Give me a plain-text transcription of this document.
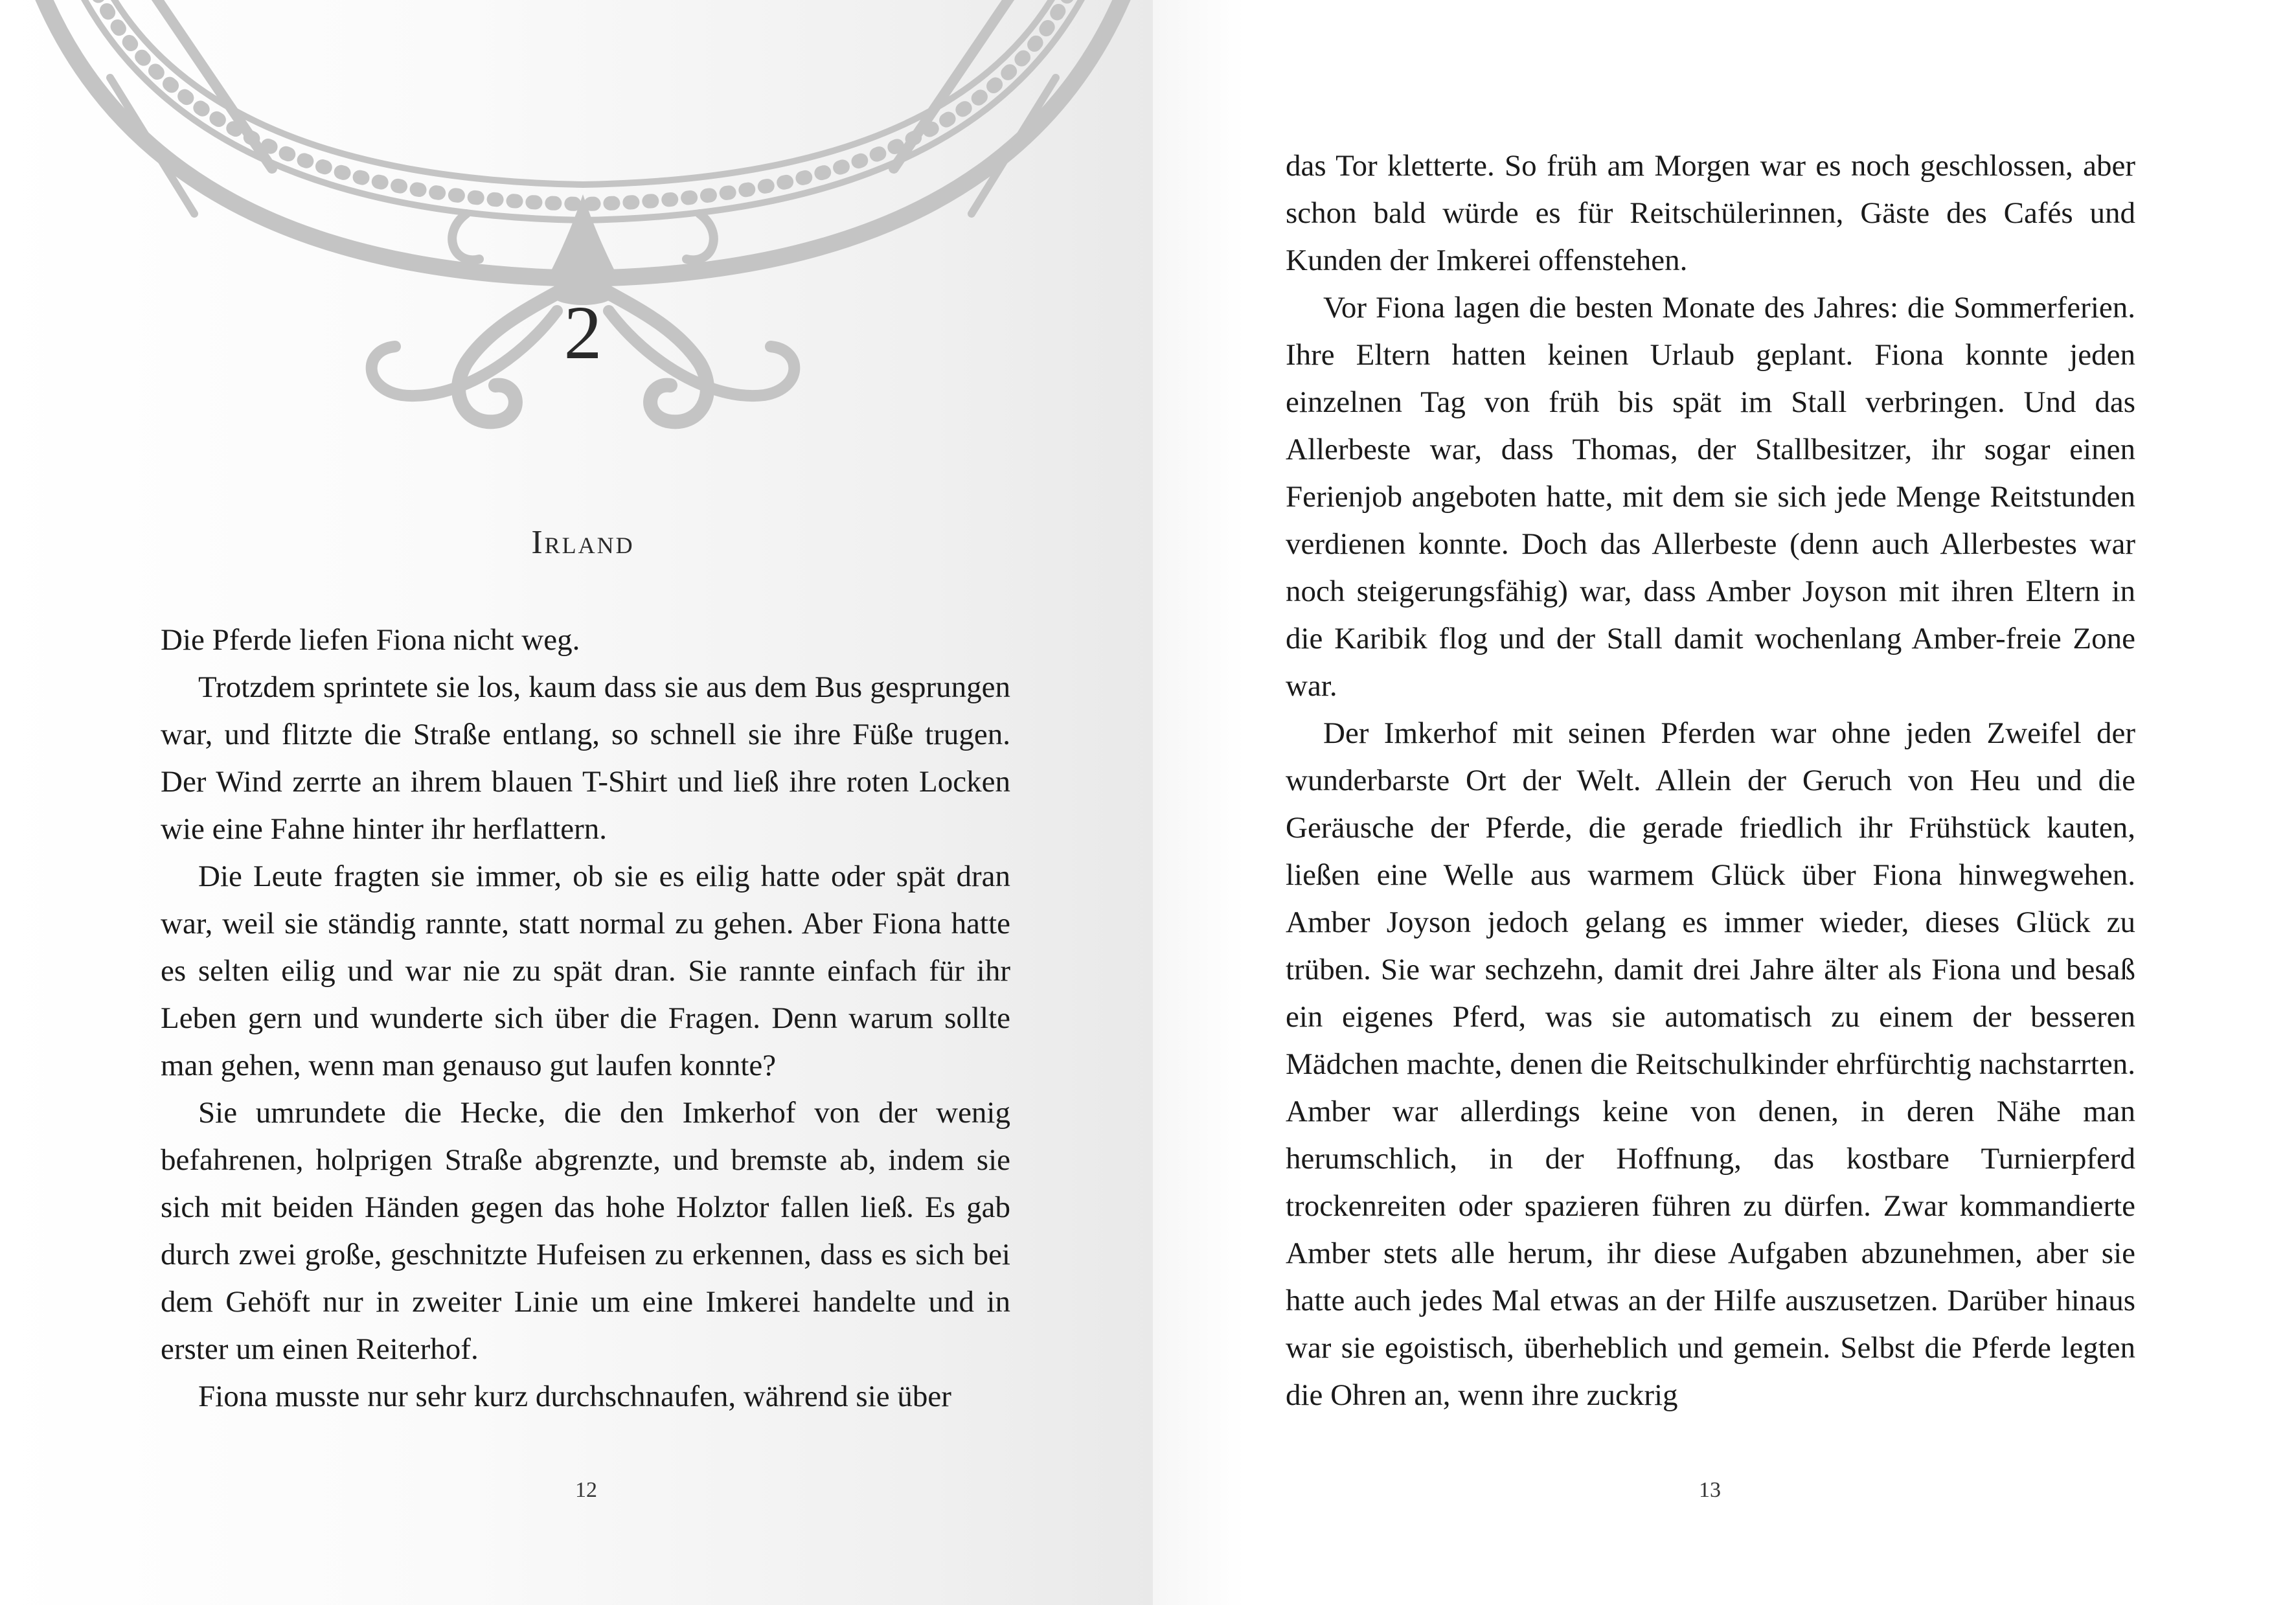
2
Irland

Die Pferde liefen Fiona nicht weg.

Trotzdem sprintete sie los, kaum dass sie aus dem Bus gesprungen war, und flitzte die Straße entlang, so schnell sie ihre Füße trugen. Der Wind zerrte an ihrem blauen T-Shirt und ließ ihre roten Locken wie eine Fahne hinter ihr herflattern.

Die Leute fragten sie immer, ob sie es eilig hatte oder spät dran war, weil sie ständig rannte, statt normal zu gehen. Aber Fiona hatte es selten eilig und war nie zu spät dran. Sie rannte einfach für ihr Leben gern und wunderte sich über die Fragen. Denn warum sollte man gehen, wenn man genauso gut laufen konnte?

Sie umrundete die Hecke, die den Imkerhof von der wenig befahrenen, holprigen Straße abgrenzte, und bremste ab, indem sie sich mit beiden Händen gegen das hohe Holztor fallen ließ. Es gab durch zwei große, geschnitzte Hufeisen zu erkennen, dass es sich bei dem Gehöft nur in zweiter Linie um eine Imkerei handelte und in erster um einen Reiterhof.

Fiona musste nur sehr kurz durchschnaufen, während sie über

12

das Tor kletterte. So früh am Morgen war es noch geschlossen, aber schon bald würde es für Reitschülerinnen, Gäste des Cafés und Kunden der Imkerei offenstehen.

Vor Fiona lagen die besten Monate des Jahres: die Sommerferien. Ihre Eltern hatten keinen Urlaub geplant. Fiona konnte jeden einzelnen Tag von früh bis spät im Stall verbringen. Und das Allerbeste war, dass Thomas, der Stallbesitzer, ihr sogar einen Ferienjob angeboten hatte, mit dem sie sich jede Menge Reitstunden verdienen konnte. Doch das Allerbeste (denn auch Allerbestes war noch steigerungsfähig) war, dass Amber Joyson mit ihren Eltern in die Karibik flog und der Stall damit wochenlang Amber-freie Zone war.

Der Imkerhof mit seinen Pferden war ohne jeden Zweifel der wunderbarste Ort der Welt. Allein der Geruch von Heu und die Geräusche der Pferde, die gerade friedlich ihr Frühstück kauten, ließen eine Welle aus warmem Glück über Fiona hinwegwehen. Amber Joyson jedoch gelang es immer wieder, dieses Glück zu trüben. Sie war sechzehn, damit drei Jahre älter als Fiona und besaß ein eigenes Pferd, was sie automatisch zu einem der besseren Mädchen machte, denen die Reitschulkinder ehrfürchtig nachstarrten. Amber war allerdings keine von denen, in deren Nähe man herumschlich, in der Hoffnung, das kostbare Turnierpferd trockenreiten oder spazieren führen zu dürfen. Zwar kommandierte Amber stets alle herum, ihr diese Aufgaben abzunehmen, aber sie hatte auch jedes Mal etwas an der Hilfe auszusetzen. Darüber hinaus war sie egoistisch, überheblich und gemein. Selbst die Pferde legten die Ohren an, wenn ihre zuckrig

13
